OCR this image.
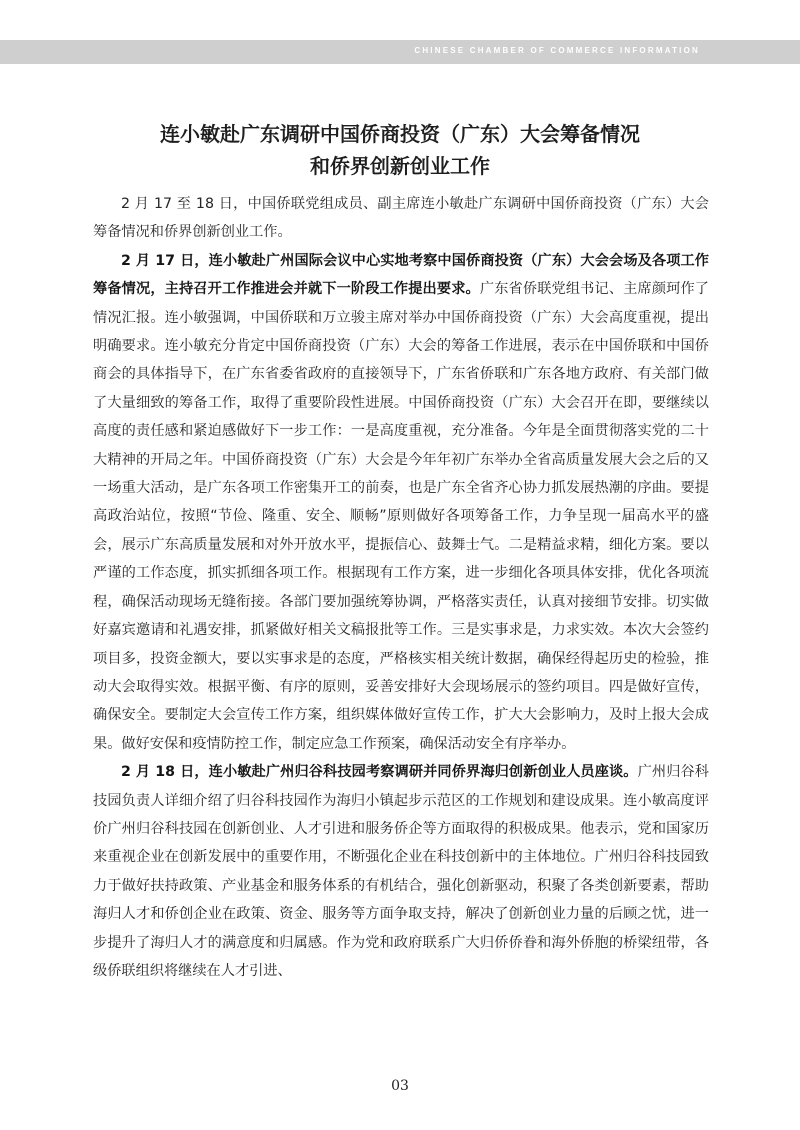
CHINESE CHAMBER OF COMMERCE INFORMATION
连小敏赴广东调研中国侨商投资（广东）大会筹备情况
和侨界创新创业工作

2 月 17 至 18 日，中国侨联党组成员、副主席连小敏赴广东调研中国侨商投资（广东）大会筹备情况和侨界创新创业工作。

2 月 17 日，连小敏赴广州国际会议中心实地考察中国侨商投资（广东）大会会场及各项工作筹备情况，主持召开工作推进会并就下一阶段工作提出要求。广东省侨联党组书记、主席颜珂作了情况汇报。连小敏强调，中国侨联和万立骏主席对举办中国侨商投资（广东）大会高度重视，提出明确要求。连小敏充分肯定中国侨商投资（广东）大会的筹备工作进展，表示在中国侨联和中国侨商会的具体指导下，在广东省委省政府的直接领导下，广东省侨联和广东各地方政府、有关部门做了大量细致的筹备工作，取得了重要阶段性进展。中国侨商投资（广东）大会召开在即，要继续以高度的责任感和紧迫感做好下一步工作：一是高度重视，充分准备。今年是全面贯彻落实党的二十大精神的开局之年。中国侨商投资（广东）大会是今年年初广东举办全省高质量发展大会之后的又一场重大活动，是广东各项工作密集开工的前奏，也是广东全省齐心协力抓发展热潮的序曲。要提高政治站位，按照“节俭、隆重、安全、顺畅”原则做好各项筹备工作，力争呈现一届高水平的盛会，展示广东高质量发展和对外开放水平，提振信心、鼓舞士气。二是精益求精，细化方案。要以严谨的工作态度，抓实抓细各项工作。根据现有工作方案，进一步细化各项具体安排，优化各项流程，确保活动现场无缝衔接。各部门要加强统筹协调，严格落实责任，认真对接细节安排。切实做好嘉宾邀请和礼遇安排，抓紧做好相关文稿报批等工作。三是实事求是，力求实效。本次大会签约项目多，投资金额大，要以实事求是的态度，严格核实相关统计数据，确保经得起历史的检验，推动大会取得实效。根据平衡、有序的原则，妥善安排好大会现场展示的签约项目。四是做好宣传，确保安全。要制定大会宣传工作方案，组织媒体做好宣传工作，扩大大会影响力，及时上报大会成果。做好安保和疫情防控工作，制定应急工作预案，确保活动安全有序举办。

2 月 18 日，连小敏赴广州归谷科技园考察调研并同侨界海归创新创业人员座谈。广州归谷科技园负责人详细介绍了归谷科技园作为海归小镇起步示范区的工作规划和建设成果。连小敏高度评价广州归谷科技园在创新创业、人才引进和服务侨企等方面取得的积极成果。他表示，党和国家历来重视企业在创新发展中的重要作用，不断强化企业在科技创新中的主体地位。广州归谷科技园致力于做好扶持政策、产业基金和服务体系的有机结合，强化创新驱动，积聚了各类创新要素，帮助海归人才和侨创企业在政策、资金、服务等方面争取支持，解决了创新创业力量的后顾之忧，进一步提升了海归人才的满意度和归属感。作为党和政府联系广大归侨侨眷和海外侨胞的桥梁纽带，各级侨联组织将继续在人才引进、

03
